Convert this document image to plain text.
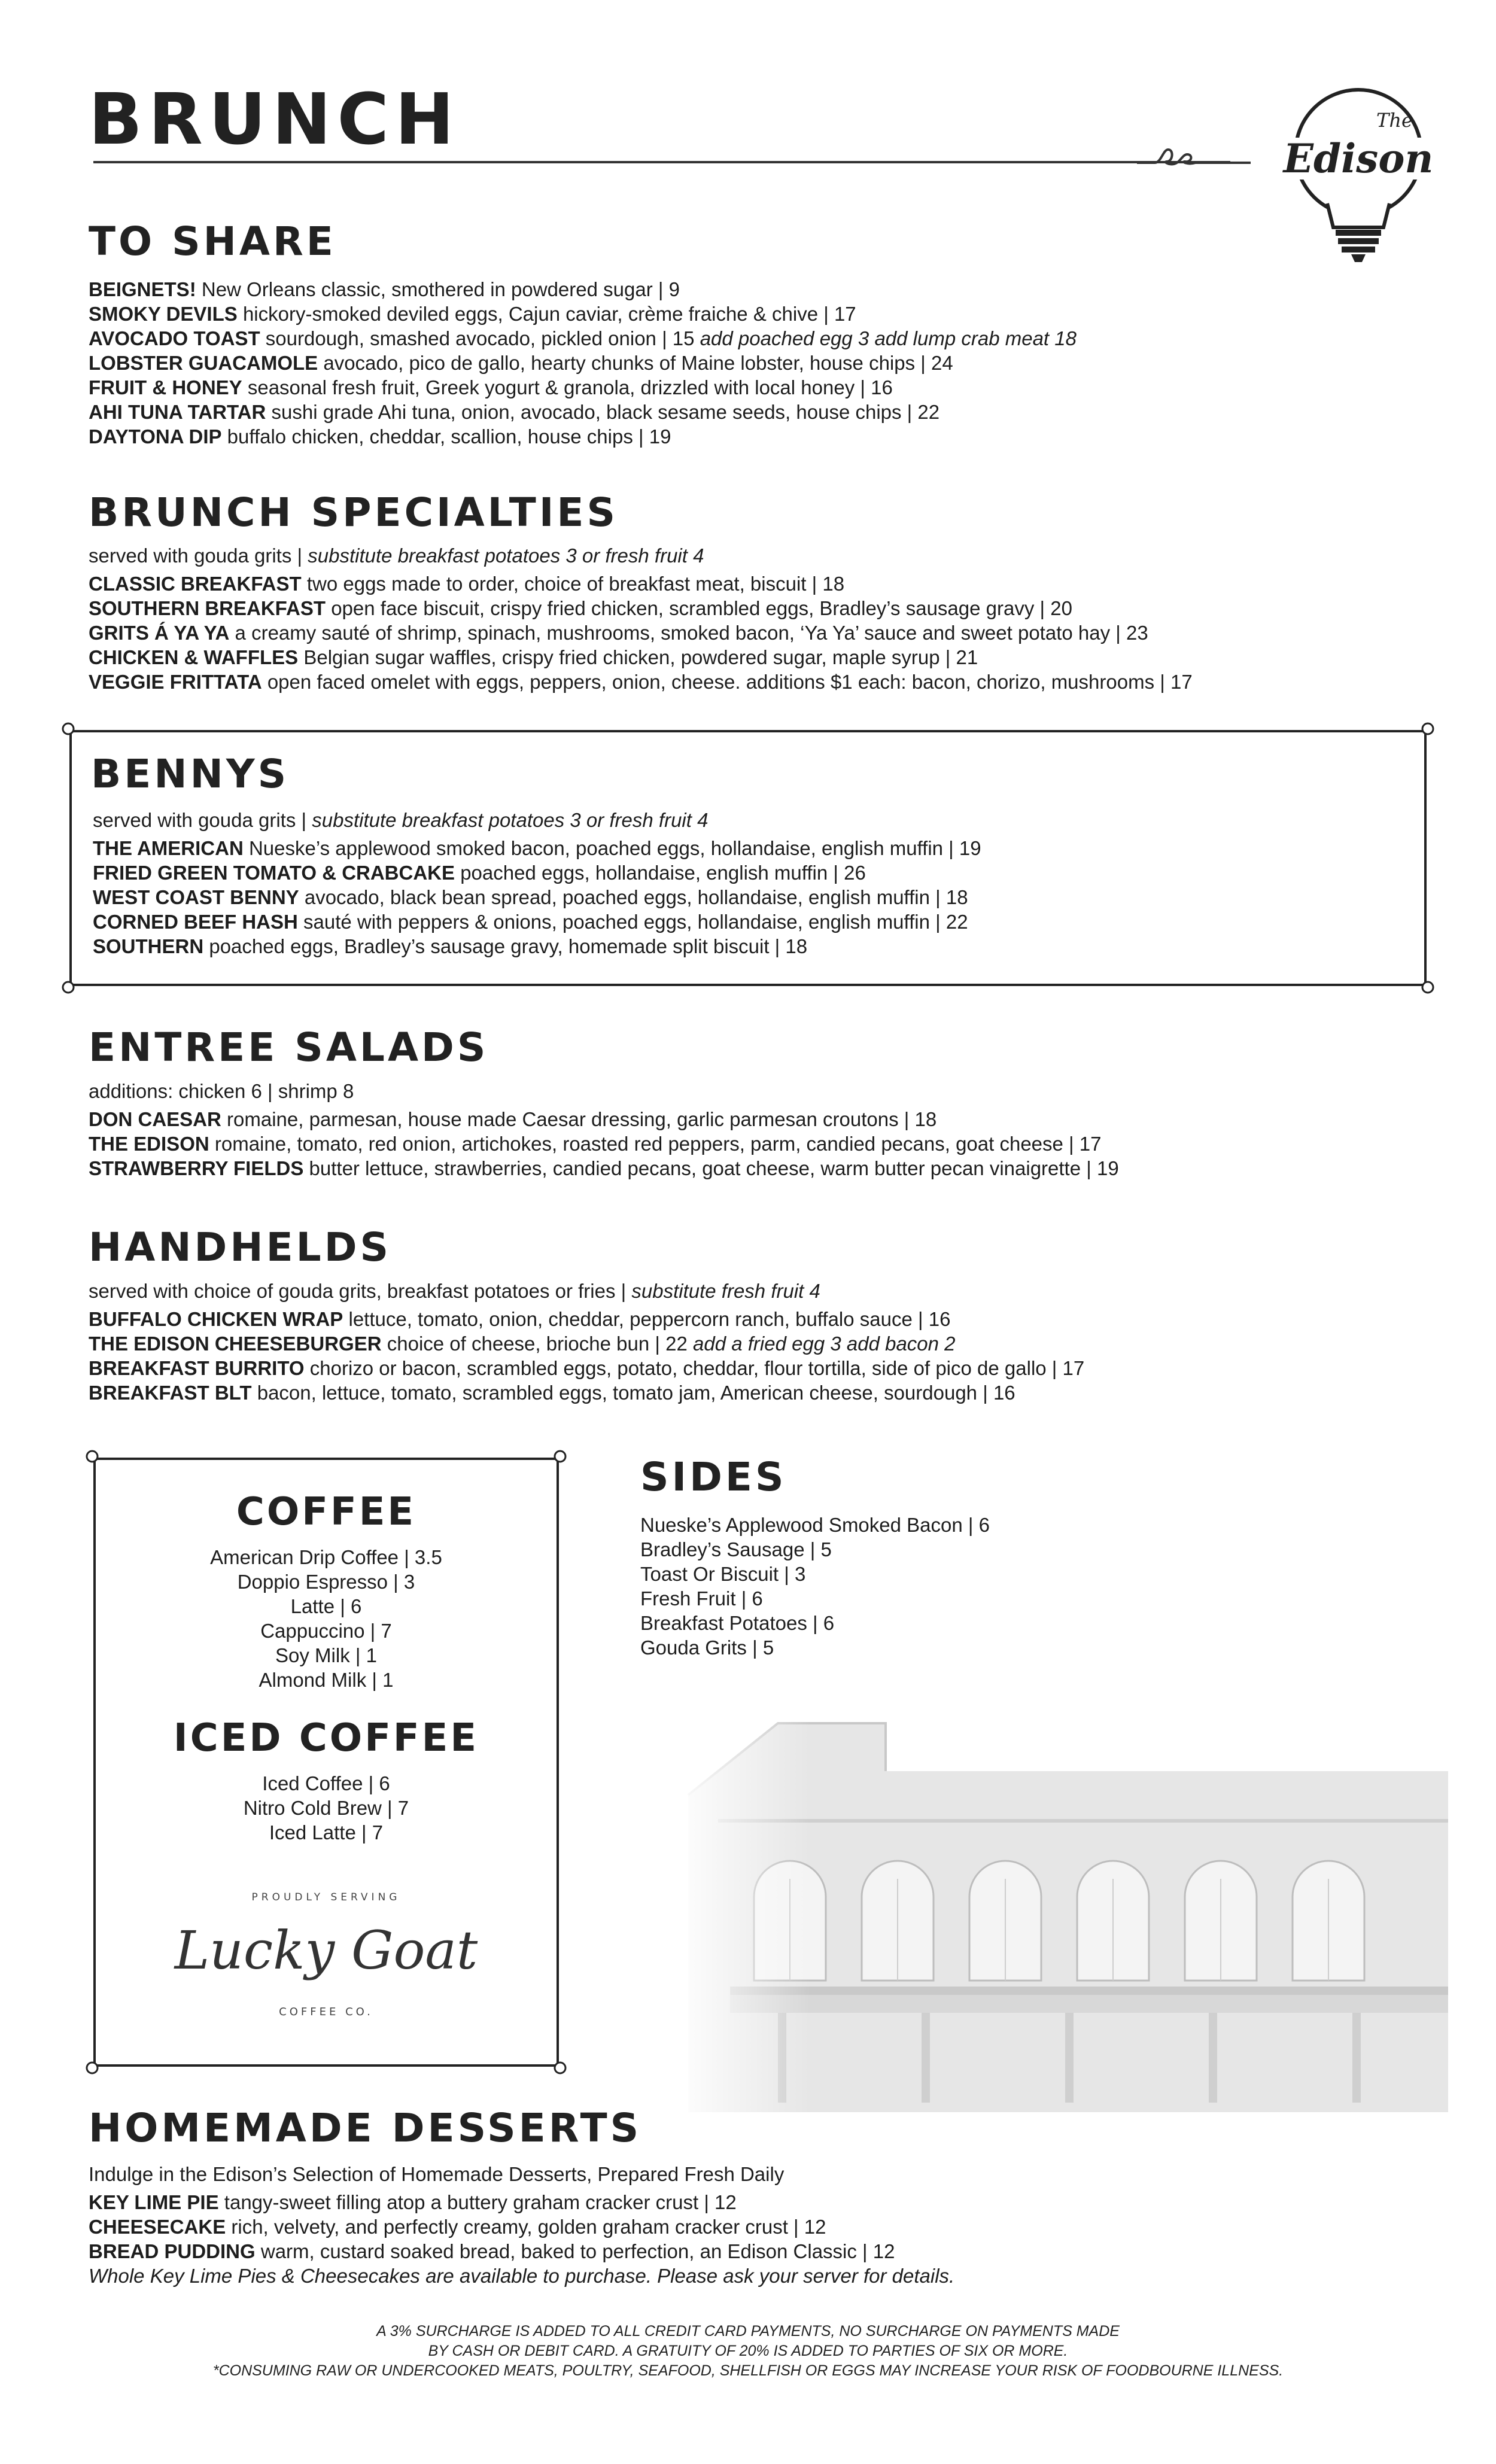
BRUNCH	The
Edison
TO SHARE
BEIGNETS! New Orleans classic, smothered in powdered sugar | 9
SMOKY DEVILS hickory-smoked deviled eggs, Cajun caviar, crème fraiche & chive | 17
AVOCADO TOAST sourdough, smashed avocado, pickled onion | 15 add poached egg 3 add lump crab meat 18
LOBSTER GUACAMOLE avocado, pico de gallo, hearty chunks of Maine lobster, house chips | 24
FRUIT & HONEY seasonal fresh fruit, Greek yogurt & granola, drizzled with local honey | 16
AHI TUNA TARTAR sushi grade Ahi tuna, onion, avocado, black sesame seeds, house chips | 22
DAYTONA DIP buffalo chicken, cheddar, scallion, house chips | 19
BRUNCH SPECIALTIES
served with gouda grits | substitute breakfast potatoes 3 or fresh fruit 4
CLASSIC BREAKFAST two eggs made to order, choice of breakfast meat, biscuit | 18
SOUTHERN BREAKFAST open face biscuit, crispy fried chicken, scrambled eggs, Bradley’s sausage gravy | 20
GRITS Á YA YA a creamy sauté of shrimp, spinach, mushrooms, smoked bacon, ‘Ya Ya’ sauce and sweet potato hay | 23
CHICKEN & WAFFLES Belgian sugar waffles, crispy fried chicken, powdered sugar, maple syrup | 21
VEGGIE FRITTATA open faced omelet with eggs, peppers, onion, cheese. additions $1 each: bacon, chorizo, mushrooms | 17
BENNYS
served with gouda grits | substitute breakfast potatoes 3 or fresh fruit 4
THE AMERICAN Nueske’s applewood smoked bacon, poached eggs, hollandaise, english muffin | 19
FRIED GREEN TOMATO & CRABCAKE poached eggs, hollandaise, english muffin | 26
WEST COAST BENNY avocado, black bean spread, poached eggs, hollandaise, english muffin | 18
CORNED BEEF HASH sauté with peppers & onions, poached eggs, hollandaise, english muffin | 22
SOUTHERN poached eggs, Bradley’s sausage gravy, homemade split biscuit | 18
ENTREE SALADS
additions: chicken 6 | shrimp 8
DON CAESAR romaine, parmesan, house made Caesar dressing, garlic parmesan croutons | 18
THE EDISON romaine, tomato, red onion, artichokes, roasted red peppers, parm, candied pecans, goat cheese | 17
STRAWBERRY FIELDS butter lettuce, strawberries, candied pecans, goat cheese, warm butter pecan vinaigrette | 19
HANDHELDS
served with choice of gouda grits, breakfast potatoes or fries | substitute fresh fruit 4
BUFFALO CHICKEN WRAP lettuce, tomato, onion, cheddar, peppercorn ranch, buffalo sauce | 16
THE EDISON CHEESEBURGER choice of cheese, brioche bun | 22 add a fried egg 3 add bacon 2
BREAKFAST BURRITO chorizo or bacon, scrambled eggs, potato, cheddar, flour tortilla, side of pico de gallo | 17
BREAKFAST BLT bacon, lettuce, tomato, scrambled eggs, tomato jam, American cheese, sourdough | 16
COFFEE
American Drip Coffee | 3.5
Doppio Espresso | 3
Latte | 6
Cappuccino | 7
Soy Milk | 1
Almond Milk | 1
ICED COFFEE
Iced Coffee | 6
Nitro Cold Brew | 7
Iced Latte | 7
PROUDLY SERVING
Lucky Goat
COFFEE CO.
SIDES
Nueske’s Applewood Smoked Bacon | 6
Bradley’s Sausage | 5
Toast Or Biscuit | 3
Fresh Fruit | 6
Breakfast Potatoes | 6
Gouda Grits | 5
HOMEMADE DESSERTS
Indulge in the Edison’s Selection of Homemade Desserts, Prepared Fresh Daily
KEY LIME PIE tangy-sweet filling atop a buttery graham cracker crust | 12
CHEESECAKE rich, velvety, and perfectly creamy, golden graham cracker crust | 12
BREAD PUDDING warm, custard soaked bread, baked to perfection, an Edison Classic | 12
Whole Key Lime Pies & Cheesecakes are available to purchase. Please ask your server for details.
A 3% SURCHARGE IS ADDED TO ALL CREDIT CARD PAYMENTS, NO SURCHARGE ON PAYMENTS MADE
BY CASH OR DEBIT CARD. A GRATUITY OF 20% IS ADDED TO PARTIES OF SIX OR MORE.
*CONSUMING RAW OR UNDERCOOKED MEATS, POULTRY, SEAFOOD, SHELLFISH OR EGGS MAY INCREASE YOUR RISK OF FOODBOURNE ILLNESS.
